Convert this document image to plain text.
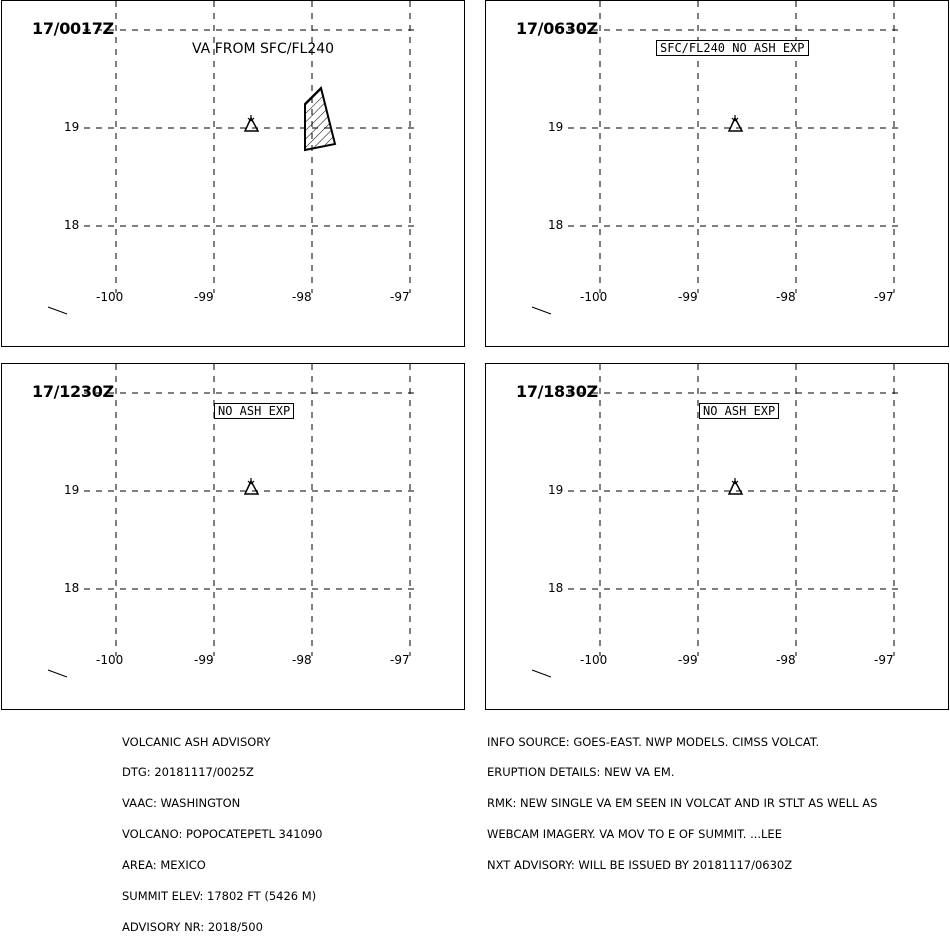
17/0017Z
VA FROM SFC/FL240
-100	-99	-98	-97
19
18
17/0630Z
SFC/FL240 NO ASH EXP
-100	-99	-98	-97
19
18
17/1230Z
NO ASH EXP
-100	-99	-98	-97
19
18
17/1830Z
NO ASH EXP
-100	-99	-98	-97
19
18

VOLCANIC ASH ADVISORY

DTG: 20181117/0025Z

VAAC: WASHINGTON

VOLCANO: POPOCATEPETL 341090

AREA: MEXICO

SUMMIT ELEV: 17802 FT (5426 M)

ADVISORY NR: 2018/500

INFO SOURCE: GOES-EAST. NWP MODELS. CIMSS VOLCAT.

ERUPTION DETAILS: NEW VA EM.

RMK: NEW SINGLE VA EM SEEN IN VOLCAT AND IR STLT AS WELL AS

WEBCAM IMAGERY. VA MOV TO E OF SUMMIT. ...LEE

NXT ADVISORY: WILL BE ISSUED BY 20181117/0630Z
